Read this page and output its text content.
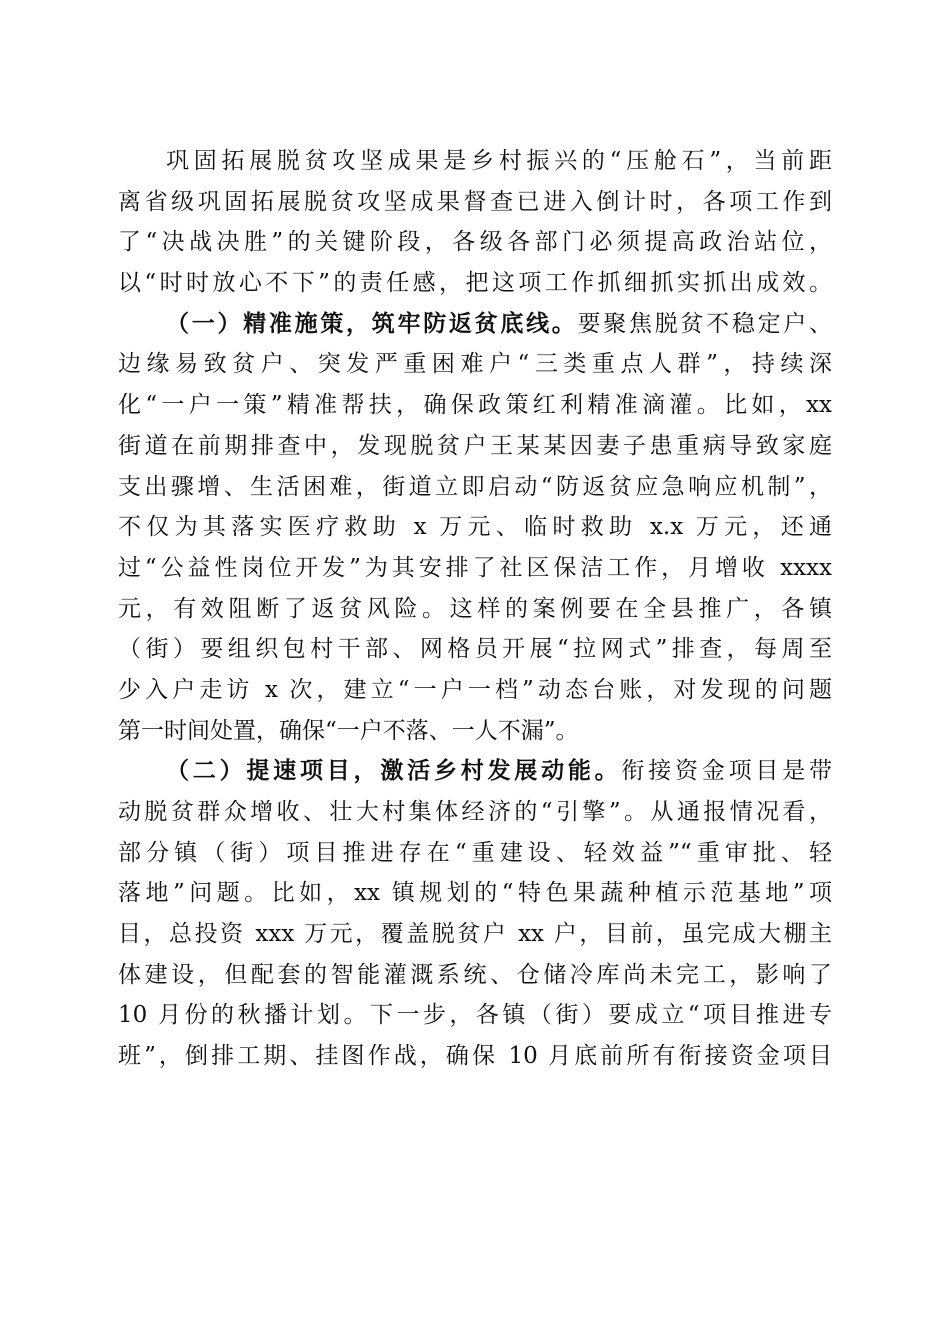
巩固拓展脱贫攻坚成果是乡村振兴的“压舱石”，当前距
离省级巩固拓展脱贫攻坚成果督查已进入倒计时，各项工作到
了“决战决胜”的关键阶段，各级各部门必须提高政治站位，
以“时时放心不下”的责任感，把这项工作抓细抓实抓出成效。
（一）精准施策，筑牢防返贫底线。要聚焦脱贫不稳定户、
边缘易致贫户、突发严重困难户“三类重点人群”，持续深
化“一户一策”精准帮扶，确保政策红利精准滴灌。比如，xx
街道在前期排查中，发现脱贫户王某某因妻子患重病导致家庭
支出骤增、生活困难，街道立即启动“防返贫应急响应机制”，
不仅为其落实医疗救助 x 万元、临时救助 x.x 万元，还通
过“公益性岗位开发”为其安排了社区保洁工作，月增收 xxxx
元，有效阻断了返贫风险。这样的案例要在全县推广，各镇
（街）要组织包村干部、网格员开展“拉网式”排查，每周至
少入户走访 x 次，建立“一户一档”动态台账，对发现的问题
第一时间处置，确保“一户不落、一人不漏”。
（二）提速项目，激活乡村发展动能。衔接资金项目是带
动脱贫群众增收、壮大村集体经济的“引擎”。从通报情况看，
部分镇（街）项目推进存在“重建设、轻效益”“重审批、轻
落地”问题。比如，xx 镇规划的“特色果蔬种植示范基地”项
目，总投资 xxx 万元，覆盖脱贫户 xx 户，目前，虽完成大棚主
体建设，但配套的智能灌溉系统、仓储冷库尚未完工，影响了
10 月份的秋播计划。下一步，各镇（街）要成立“项目推进专
班”，倒排工期、挂图作战，确保 10 月底前所有衔接资金项目
